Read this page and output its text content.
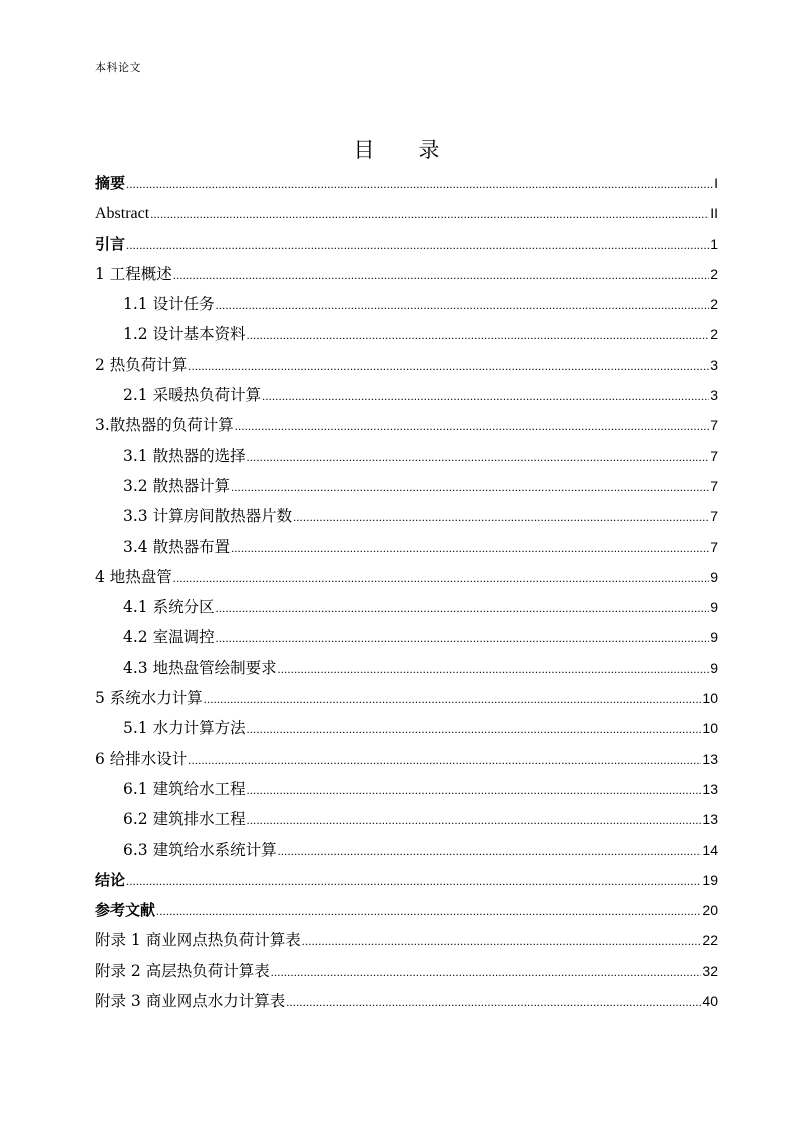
本科论文
目 录
摘要 .....	I
Abstract .....	II
引言 .....	1
1 工程概述 .....	2
1.1 设计任务 .....	2
1.2 设计基本资料 .....	2
2 热负荷计算 .....	3
2.1 采暖热负荷计算 .....	3
3.散热器的负荷计算 .....	7
3.1 散热器的选择 .....	7
3.2 散热器计算 .....	7
3.3 计算房间散热器片数 .....	7
3.4 散热器布置 .....	7
4 地热盘管 .....	9
4.1 系统分区 .....	9
4.2 室温调控 .....	9
4.3 地热盘管绘制要求 .....	9
5 系统水力计算 .....	10
5.1 水力计算方法 .....	10
6 给排水设计 .....	13
6.1 建筑给水工程 .....	13
6.2 建筑排水工程 .....	13
6.3 建筑给水系统计算 .....	14
结论 .....	19
参考文献 .....	20
附录 1 商业网点热负荷计算表 .....	22
附录 2 高层热负荷计算表 .....	32
附录 3 商业网点水力计算表 .....	40
